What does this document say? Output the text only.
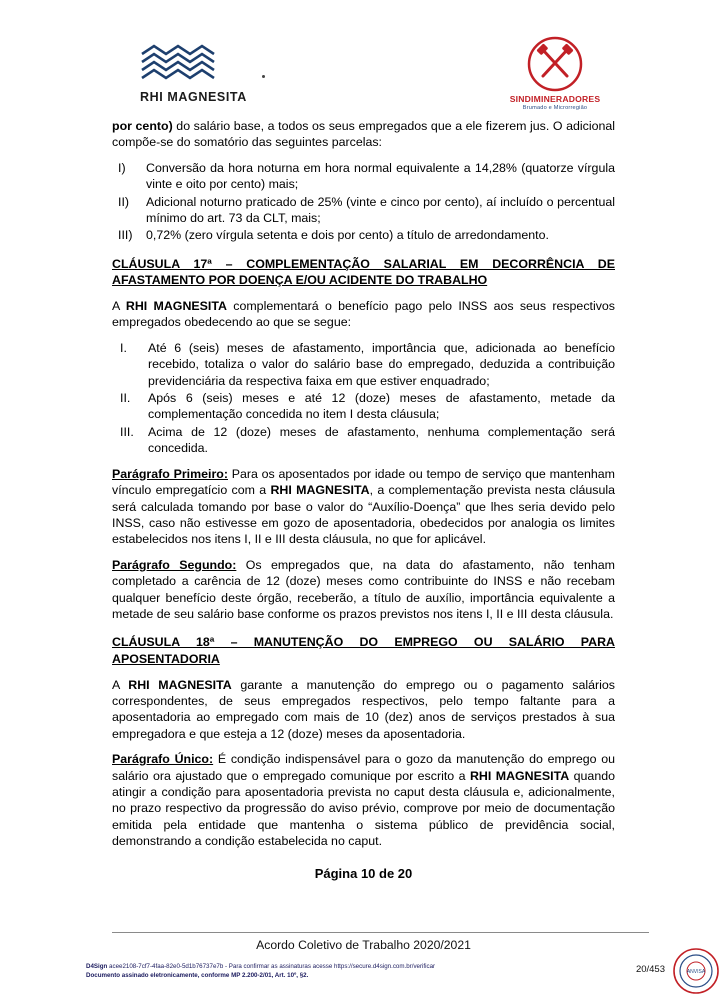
RHI MAGNESITA	SINDIMINERADORES
Brumado e Microrregião

por cento) do salário base, a todos os seus empregados que a ele fizerem jus. O adicional compõe-se do somatório das seguintes parcelas:

I)	Conversão da hora noturna em hora normal equivalente a 14,28% (quatorze vírgula vinte e oito por cento) mais;
II)	Adicional noturno praticado de 25% (vinte e cinco por cento), aí incluído o percentual mínimo do art. 73 da CLT, mais;
III)	0,72% (zero vírgula setenta e dois por cento) a título de arredondamento.
CLÁUSULA 17ª – COMPLEMENTAÇÃO SALARIAL EM DECORRÊNCIA DE
AFASTAMENTO POR DOENÇA E/OU ACIDENTE DO TRABALHO

A RHI MAGNESITA complementará o benefício pago pelo INSS aos seus respectivos empregados obedecendo ao que se segue:

I.	Até 6 (seis) meses de afastamento, importância que, adicionada ao benefício recebido, totaliza o valor do salário base do empregado, deduzida a contribuição previdenciária da respectiva faixa em que estiver enquadrado;
II.	Após 6 (seis) meses e até 12 (doze) meses de afastamento, metade da complementação concedida no item I desta cláusula;
III.	Acima de 12 (doze) meses de afastamento, nenhuma complementação será concedida.

Parágrafo Primeiro: Para os aposentados por idade ou tempo de serviço que mantenham vínculo empregatício com a RHI MAGNESITA, a complementação prevista nesta cláusula será calculada tomando por base o valor do “Auxílio-Doença” que lhes seria devido pelo INSS, caso não estivesse em gozo de aposentadoria, obedecidos por analogia os limites estabelecidos nos itens I, II e III desta cláusula, no que for aplicável.

Parágrafo Segundo: Os empregados que, na data do afastamento, não tenham completado a carência de 12 (doze) meses como contribuinte do INSS e não recebam qualquer benefício deste órgão, receberão, a título de auxílio, importância equivalente a metade de seu salário base conforme os prazos previstos nos itens I, II e III desta cláusula.

CLÁUSULA 18ª – MANUTENÇÃO DO EMPREGO OU SALÁRIO PARA
APOSENTADORIA

A RHI MAGNESITA garante a manutenção do emprego ou o pagamento salários correspondentes, de seus empregados respectivos, pelo tempo faltante para a aposentadoria ao empregado com mais de 10 (dez) anos de serviços prestados à sua empregadora e que esteja a 12 (doze) meses da aposentadoria.

Parágrafo Único: É condição indispensável para o gozo da manutenção do emprego ou salário ora ajustado que o empregado comunique por escrito a RHI MAGNESITA quando atingir a condição para aposentadoria prevista no caput desta cláusula e, adicionalmente, no prazo respectivo da progressão do aviso prévio, comprove por meio de documentação emitida pela entidade que mantenha o sistema público de previdência social, demonstrando a condição estabelecida no caput.

Página 10 de 20
Acordo Coletivo de Trabalho 2020/2021
D4Sign acee2108-7cf7-4faa-82e0-5d1b76737e7b - Para confirmar as assinaturas acesse https://secure.d4sign.com.br/verificar
Documento assinado eletronicamente, conforme MP 2.200-2/01, Art. 10º, §2.
20/453	ANVISA
